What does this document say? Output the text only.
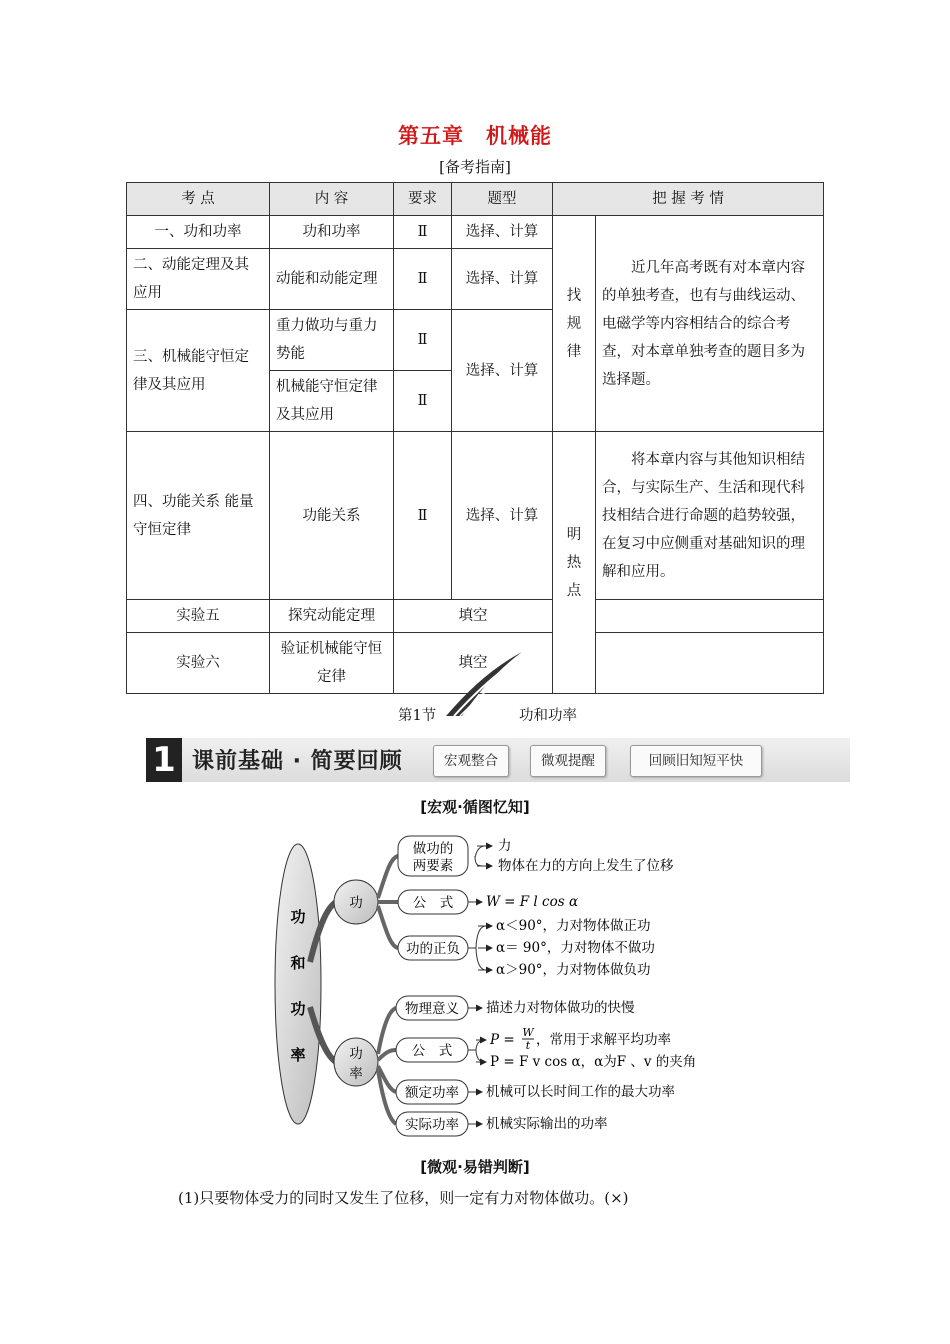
第五章　机械能
[备考指南]
考 点	内 容	要求	题型	把 握 考 情	
一、功和功率	功和功率	Ⅱ	选择、计算	找规律	近几年高考既有对本章内容的单独考查，也有与曲线运动、电磁学等内容相结合的综合考查，对本章单独考查的题目多为选择题。
二、动能定理及其应用	动能和动能定理	Ⅱ	选择、计算		
三、机械能守恒定律及其应用	重力做功与重力势能	Ⅱ	选择、计算		
	机械能守恒定律及其应用	Ⅱ			
四、功能关系 能量守恒定律	功能关系	Ⅱ	选择、计算	明热点	将本章内容与其他知识相结合，与实际生产、生活和现代科技相结合进行命题的趋势较强，在复习中应侧重对基础知识的理解和应用。
实验五	探究动能定理	填空			
实验六	验证机械能守恒定律	填空			
第1节	功和功率
1 课前基础 · 简要回顾	宏观整合	微观提醒	回顾旧知短平快
[宏观·循图忆知]
功
和
功
率
功
功
率
做功的
两要素
力
物体在力的方向上发生了位移
公　式 W = F l cos α
功的正负
α＜90°，力对物体做正功
α＝ 90°，力对物体不做功
α＞90°，力对物体做负功
物理意义 描述力对物体做功的快慢
公　式
P = W
t ，常用于求解平均功率
P = F v cos α，α为F 、v 的夹角
额定功率 机械可以长时间工作的最大功率
实际功率 机械实际输出的功率
[微观·易错判断]
(1)只要物体受力的同时又发生了位移，则一定有力对物体做功。(×)
